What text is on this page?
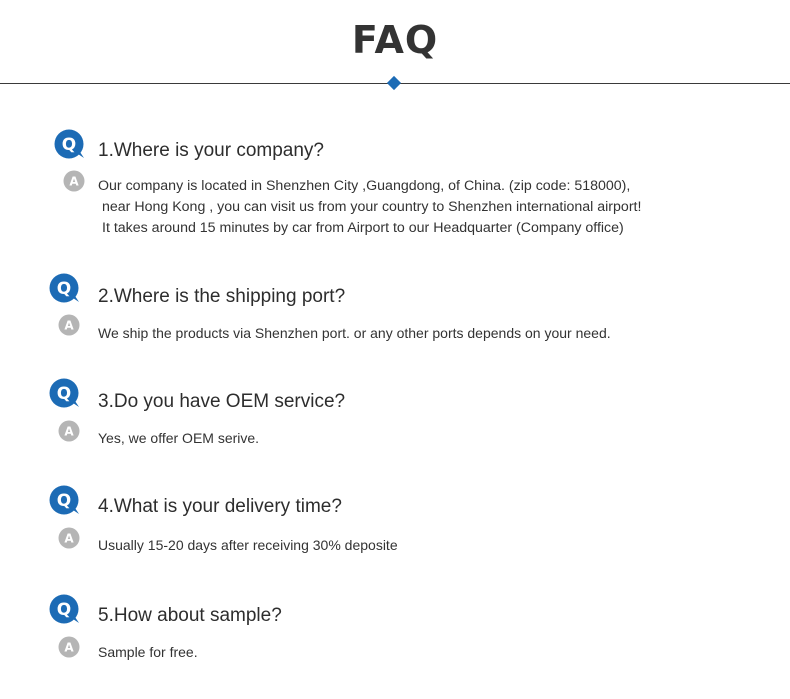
FAQ
Q 1.Where is your company?
A Our company is located in Shenzhen City ,Guangdong, of China. (zip code: 518000),
near Hong Kong , you can visit us from your country to Shenzhen international airport!
It takes around 15 minutes by car from Airport to our Headquarter (Company office)
Q 2.Where is the shipping port?
A We ship the products via Shenzhen port. or any other ports depends on your need.
Q 3.Do you have OEM service?
A Yes, we offer OEM serive.
Q 4.What is your delivery time?
A Usually 15-20 days after receiving 30% deposite
Q 5.How about sample?
A Sample for free.
